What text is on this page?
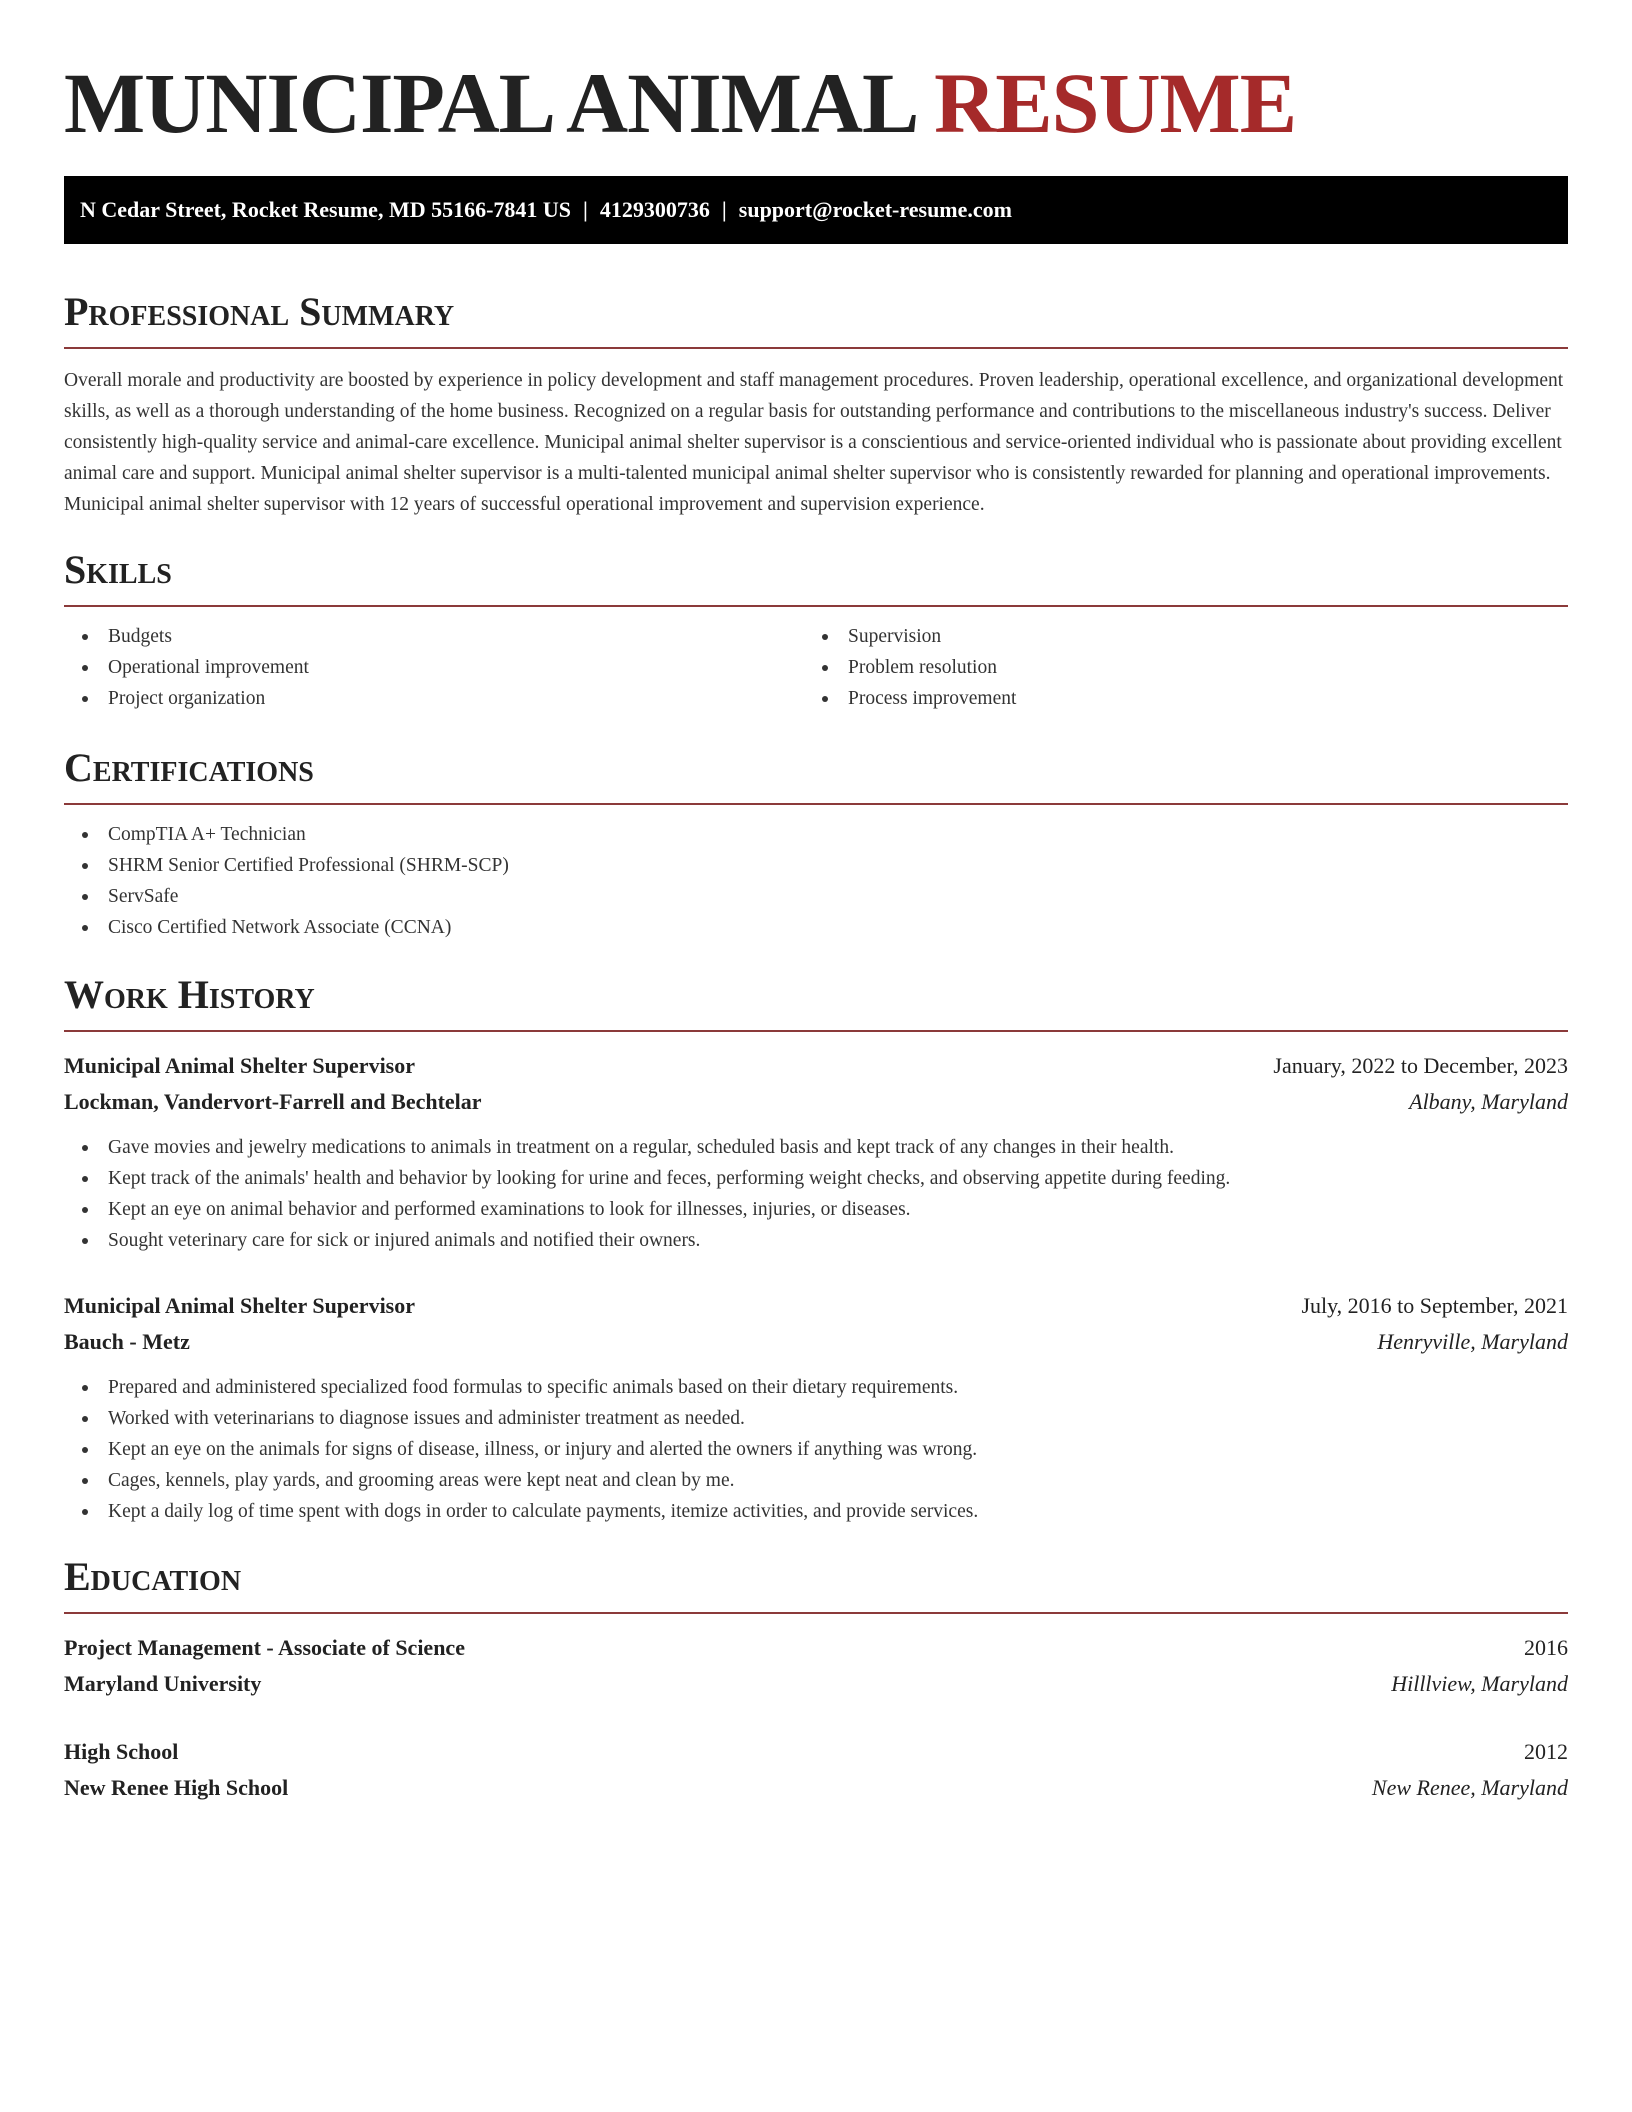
MUNICIPAL ANIMAL RESUME
N Cedar Street, Rocket Resume, MD 55166-7841 US | 4129300736 | support@rocket-resume.com
Professional Summary
Overall morale and productivity are boosted by experience in policy development and staff management procedures. Proven leadership, operational excellence, and organizational development skills, as well as a thorough understanding of the home business. Recognized on a regular basis for outstanding performance and contributions to the miscellaneous industry's success. Deliver consistently high-quality service and animal-care excellence. Municipal animal shelter supervisor is a conscientious and service-oriented individual who is passionate about providing excellent animal care and support. Municipal animal shelter supervisor is a multi-talented municipal animal shelter supervisor who is consistently rewarded for planning and operational improvements. Municipal animal shelter supervisor with 12 years of successful operational improvement and supervision experience.
Skills
Budgets
Operational improvement
Project organization
Supervision
Problem resolution
Process improvement
Certifications
CompTIA A+ Technician
SHRM Senior Certified Professional (SHRM-SCP)
ServSafe
Cisco Certified Network Associate (CCNA)
Work History
Municipal Animal Shelter Supervisor	January, 2022 to December, 2023
Lockman, Vandervort-Farrell and Bechtelar	Albany, Maryland
Gave movies and jewelry medications to animals in treatment on a regular, scheduled basis and kept track of any changes in their health.
Kept track of the animals' health and behavior by looking for urine and feces, performing weight checks, and observing appetite during feeding.
Kept an eye on animal behavior and performed examinations to look for illnesses, injuries, or diseases.
Sought veterinary care for sick or injured animals and notified their owners.
Municipal Animal Shelter Supervisor	July, 2016 to September, 2021
Bauch - Metz	Henryville, Maryland
Prepared and administered specialized food formulas to specific animals based on their dietary requirements.
Worked with veterinarians to diagnose issues and administer treatment as needed.
Kept an eye on the animals for signs of disease, illness, or injury and alerted the owners if anything was wrong.
Cages, kennels, play yards, and grooming areas were kept neat and clean by me.
Kept a daily log of time spent with dogs in order to calculate payments, itemize activities, and provide services.
Education
Project Management - Associate of Science	2016
Maryland University	Hilllview, Maryland
High School	2012
New Renee High School	New Renee, Maryland
